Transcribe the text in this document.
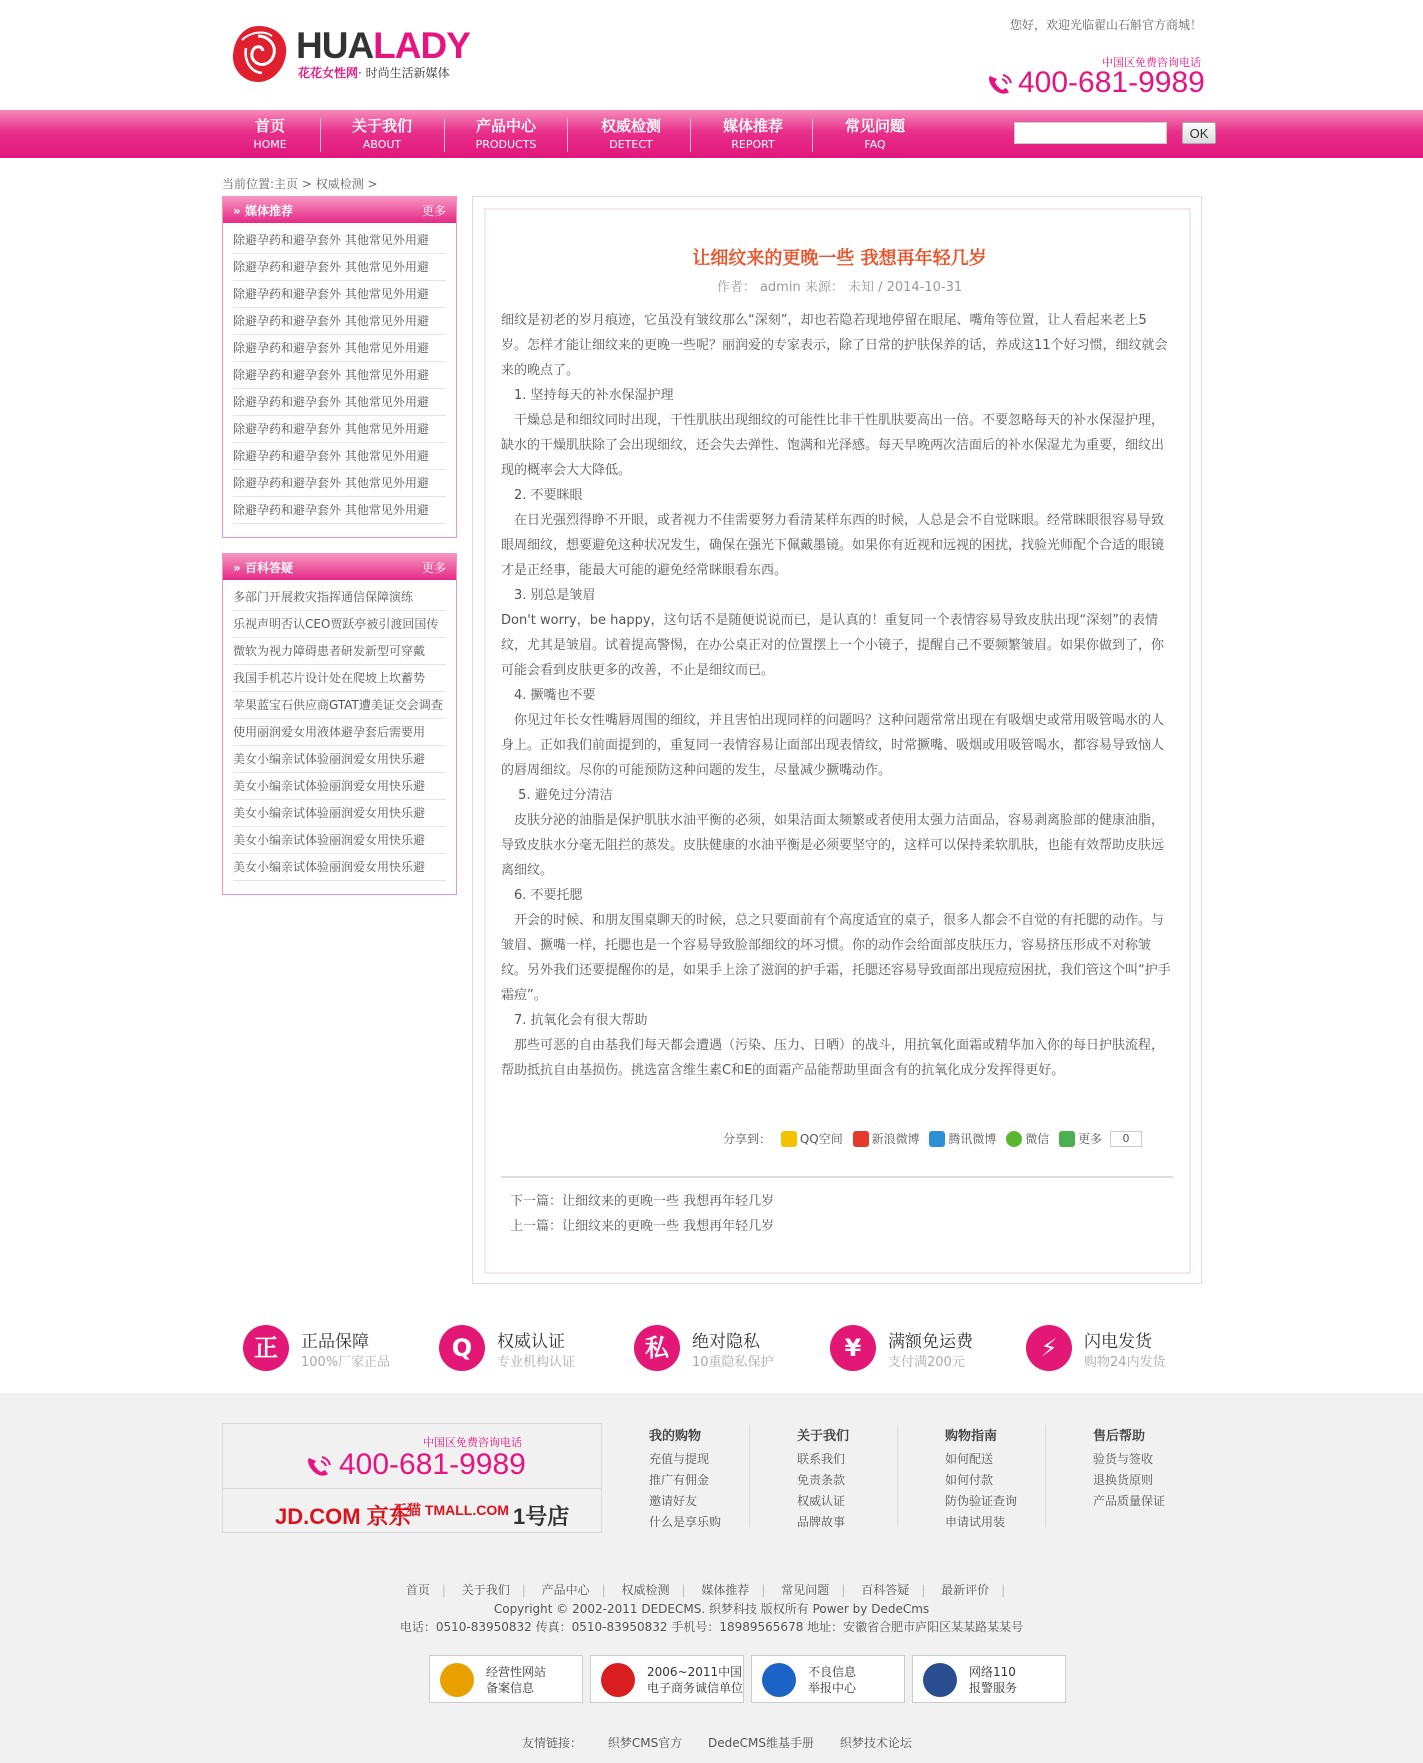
HUALADY
花花女性网· 时尚生活新媒体
您好，欢迎光临翟山石斛官方商城！
中国区免费咨询电话
400-681-9989
首页
HOME
关于我们
ABOUT
产品中心
PRODUCTS
权威检测
DETECT
媒体推荐
REPORT
常见问题
FAQ
OK
当前位置:主页 > 权威检测 >
» 媒体推荐	更多
除避孕药和避孕套外 其他常见外用避
除避孕药和避孕套外 其他常见外用避
除避孕药和避孕套外 其他常见外用避
除避孕药和避孕套外 其他常见外用避
除避孕药和避孕套外 其他常见外用避
除避孕药和避孕套外 其他常见外用避
除避孕药和避孕套外 其他常见外用避
除避孕药和避孕套外 其他常见外用避
除避孕药和避孕套外 其他常见外用避
除避孕药和避孕套外 其他常见外用避
除避孕药和避孕套外 其他常见外用避
» 百科答疑	更多
多部门开展救灾指挥通信保障演练
乐视声明否认CEO贾跃亭被引渡回国传
微软为视力障碍患者研发新型可穿戴
我国手机芯片设计处在爬坡上坎蓄势
苹果蓝宝石供应商GTAT遭美证交会调查
使用丽润爱女用液体避孕套后需要用
美女小编亲试体验丽润爱女用快乐避
美女小编亲试体验丽润爱女用快乐避
美女小编亲试体验丽润爱女用快乐避
美女小编亲试体验丽润爱女用快乐避
美女小编亲试体验丽润爱女用快乐避
让细纹来的更晚一些 我想再年轻几岁
作者： admin 来源： 未知 / 2014-10-31

细纹是初老的岁月痕迹，它虽没有皱纹那么“深刻”，却也若隐若现地停留在眼尾、嘴角等位置，让人看起来老上5岁。怎样才能让细纹来的更晚一些呢？丽润爱的专家表示，除了日常的护肤保养的话，养成这11个好习惯，细纹就会来的晚点了。

　1. 坚持每天的补水保湿护理

　干燥总是和细纹同时出现，干性肌肤出现细纹的可能性比非干性肌肤要高出一倍。不要忽略每天的补水保湿护理，缺水的干燥肌肤除了会出现细纹，还会失去弹性、饱满和光泽感。每天早晚两次洁面后的补水保湿尤为重要，细纹出现的概率会大大降低。

　2. 不要眯眼

　在日光强烈得睁不开眼，或者视力不佳需要努力看清某样东西的时候，人总是会不自觉眯眼。经常眯眼很容易导致眼周细纹，想要避免这种状况发生，确保在强光下佩戴墨镜。如果你有近视和远视的困扰，找验光师配个合适的眼镜才是正经事，能最大可能的避免经常眯眼看东西。

　3. 别总是皱眉

Don't worry，be happy，这句话不是随便说说而已，是认真的！重复同一个表情容易导致皮肤出现“深刻”的表情纹，尤其是皱眉。试着提高警惕，在办公桌正对的位置摆上一个小镜子，提醒自己不要频繁皱眉。如果你做到了，你可能会看到皮肤更多的改善，不止是细纹而已。

　4. 撅嘴也不要

　你见过年长女性嘴唇周围的细纹，并且害怕出现同样的问题吗？这种问题常常出现在有吸烟史或常用吸管喝水的人身上。正如我们前面提到的，重复同一表情容易让面部出现表情纹，时常撅嘴、吸烟或用吸管喝水，都容易导致恼人的唇周细纹。尽你的可能预防这种问题的发生，尽量减少撅嘴动作。

　 5. 避免过分清洁

　皮肤分泌的油脂是保护肌肤水油平衡的必须，如果洁面太频繁或者使用太强力洁面品，容易剥离脸部的健康油脂，导致皮肤水分毫无阻拦的蒸发。皮肤健康的水油平衡是必须要坚守的，这样可以保持柔软肌肤，也能有效帮助皮肤远离细纹。

　6. 不要托腮

　开会的时候、和朋友围桌聊天的时候，总之只要面前有个高度适宜的桌子，很多人都会不自觉的有托腮的动作。与皱眉、撅嘴一样，托腮也是一个容易导致脸部细纹的坏习惯。你的动作会给面部皮肤压力，容易挤压形成不对称皱纹。另外我们还要提醒你的是，如果手上涂了滋润的护手霜，托腮还容易导致面部出现痘痘困扰，我们管这个叫“护手霜痘”。

　7. 抗氧化会有很大帮助

　那些可恶的自由基我们每天都会遭遇（污染、压力、日晒）的战斗，用抗氧化面霜或精华加入你的每日护肤流程，帮助抵抗自由基损伤。挑选富含维生素C和E的面霜产品能帮助里面含有的抗氧化成分发挥得更好。

分享到： QQ空间 新浪微博 腾讯微博 微信 更多 0
下一篇：让细纹来的更晚一些 我想再年轻几岁
上一篇：让细纹来的更晚一些 我想再年轻几岁
正	正品保障
100%厂家正品
Q	权威认证
专业机构认证
私	绝对隐私
10重隐私保护
¥	满额免运费
支付满200元
⚡	闪电发货
购物24内发货
中国区免费咨询电话
400-681-9989
JD.COM 京东
天猫 TMALL.COM 1号店
我的购物
充值与提现
推广有佣金
邀请好友
什么是享乐购
关于我们
联系我们
免责条款
权威认证
品牌故事
购物指南
如何配送
如何付款
防伪验证查询
申请试用装
售后帮助
验货与签收
退换货原则
产品质量保证
首页 | 关于我们 | 产品中心 | 权威检测 | 媒体推荐 | 常见问题 | 百科答疑 | 最新评价 |
Copyright © 2002-2011 DEDECMS. 织梦科技 版权所有 Power by DedeCms
电话：0510-83950832 传真：0510-83950832 手机号：18989565678 地址：安徽省合肥市庐阳区某某路某某号
经营性网站
备案信息
2006~2011中国
电子商务诚信单位
不良信息
举报中心
网络110
报警服务
友情链接： 织梦CMS官方 DedeCMS维基手册 织梦技术论坛
